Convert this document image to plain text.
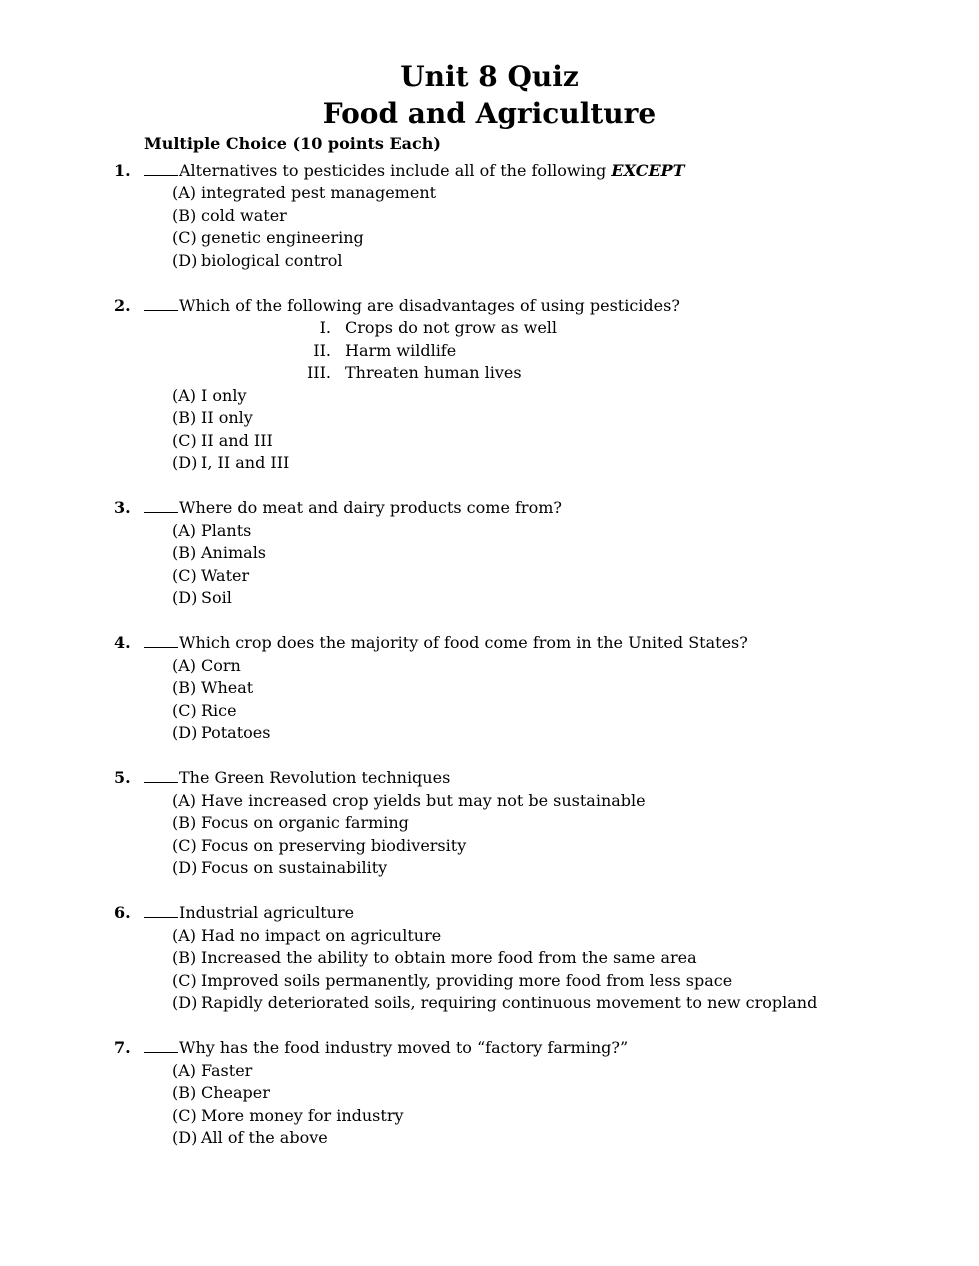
Unit 8 Quiz
Food and Agriculture
Multiple Choice (10 points Each)
1.	Alternatives to pesticides include all of the following EXCEPT
(A) integrated pest management
(B) cold water
(C) genetic engineering
(D) biological control
2.	Which of the following are disadvantages of using pesticides?
I. Crops do not grow as well
II. Harm wildlife
III. Threaten human lives
(A) I only
(B) II only
(C) II and III
(D) I, II and III
3.	Where do meat and dairy products come from?
(A) Plants
(B) Animals
(C) Water
(D) Soil
4.	Which crop does the majority of food come from in the United States?
(A) Corn
(B) Wheat
(C) Rice
(D) Potatoes
5.	The Green Revolution techniques
(A) Have increased crop yields but may not be sustainable
(B) Focus on organic farming
(C) Focus on preserving biodiversity
(D) Focus on sustainability
6.	Industrial agriculture
(A) Had no impact on agriculture
(B) Increased the ability to obtain more food from the same area
(C) Improved soils permanently, providing more food from less space
(D) Rapidly deteriorated soils, requiring continuous movement to new cropland
7.	Why has the food industry moved to “factory farming?”
(A) Faster
(B) Cheaper
(C) More money for industry
(D) All of the above
